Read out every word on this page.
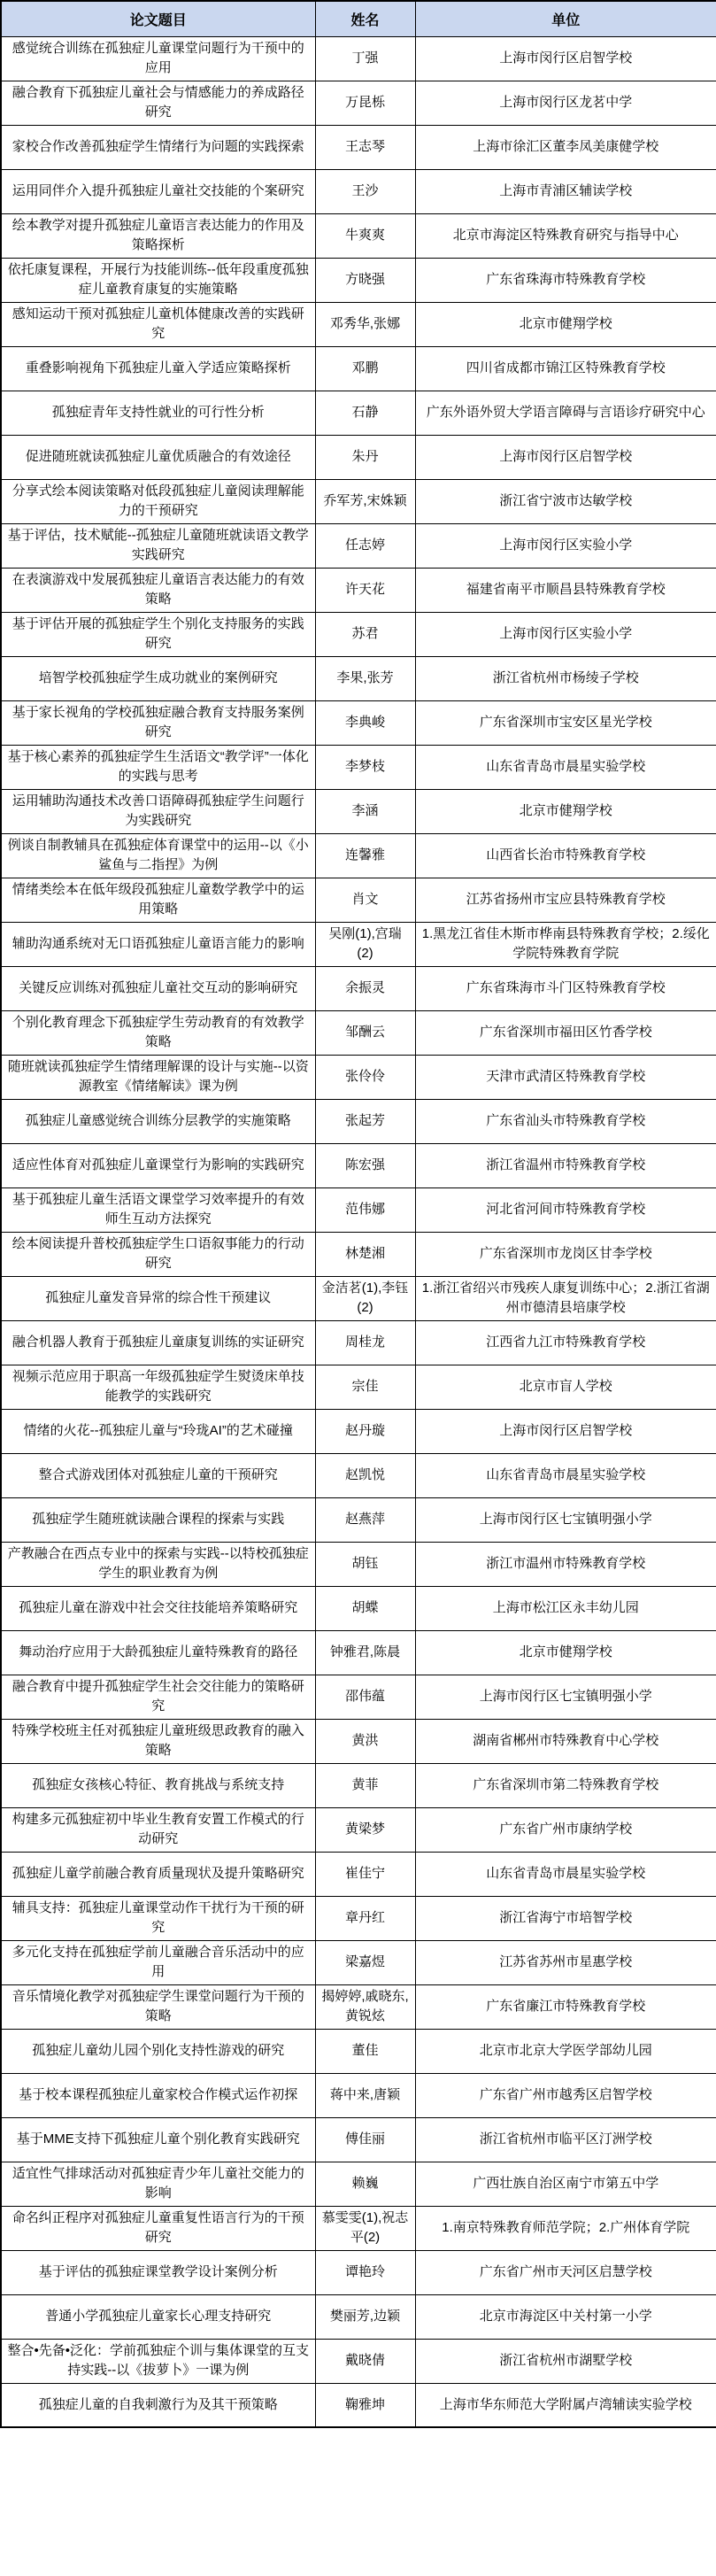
论文题目	姓名	单位
感觉统合训练在孤独症儿童课堂问题行为干预中的应用	丁强	上海市闵行区启智学校
融合教育下孤独症儿童社会与情感能力的养成路径研究	万昆栎	上海市闵行区龙茗中学
家校合作改善孤独症学生情绪行为问题的实践探索	王志琴	上海市徐汇区董李凤美康健学校
运用同伴介入提升孤独症儿童社交技能的个案研究	王沙	上海市青浦区辅读学校
绘本教学对提升孤独症儿童语言表达能力的作用及策略探析	牛爽爽	北京市海淀区特殊教育研究与指导中心
依托康复课程，开展行为技能训练--低年段重度孤独症儿童教育康复的实施策略	方晓强	广东省珠海市特殊教育学校
感知运动干预对孤独症儿童机体健康改善的实践研究	邓秀华,张娜	北京市健翔学校
重叠影响视角下孤独症儿童入学适应策略探析	邓鹏	四川省成都市锦江区特殊教育学校
孤独症青年支持性就业的可行性分析	石静	广东外语外贸大学语言障碍与言语诊疗研究中心
促进随班就读孤独症儿童优质融合的有效途径	朱丹	上海市闵行区启智学校
分享式绘本阅读策略对低段孤独症儿童阅读理解能力的干预研究	乔军芳,宋姝颖	浙江省宁波市达敏学校
基于评估，技术赋能--孤独症儿童随班就读语文教学实践研究	任志婷	上海市闵行区实验小学
在表演游戏中发展孤独症儿童语言表达能力的有效策略	许天花	福建省南平市顺昌县特殊教育学校
基于评估开展的孤独症学生个别化支持服务的实践研究	苏君	上海市闵行区实验小学
培智学校孤独症学生成功就业的案例研究	李果,张芳	浙江省杭州市杨绫子学校
基于家长视角的学校孤独症融合教育支持服务案例研究	李典峻	广东省深圳市宝安区星光学校
基于核心素养的孤独症学生生活语文“教学评”一体化的实践与思考	李梦枝	山东省青岛市晨星实验学校
运用辅助沟通技术改善口语障碍孤独症学生问题行为实践研究	李涵	北京市健翔学校
例谈自制教辅具在孤独症体育课堂中的运用--以《小鲨鱼与二指捏》为例	连馨雅	山西省长治市特殊教育学校
情绪类绘本在低年级段孤独症儿童数学教学中的运用策略	肖文	江苏省扬州市宝应县特殊教育学校
辅助沟通系统对无口语孤独症儿童语言能力的影响	吴刚(1),宫瑞(2)	1.黑龙江省佳木斯市桦南县特殊教育学校；2.绥化学院特殊教育学院
关键反应训练对孤独症儿童社交互动的影响研究	余振灵	广东省珠海市斗门区特殊教育学校
个别化教育理念下孤独症学生劳动教育的有效教学策略	邹酬云	广东省深圳市福田区竹香学校
随班就读孤独症学生情绪理解课的设计与实施--以资源教室《情绪解读》课为例	张伶伶	天津市武清区特殊教育学校
孤独症儿童感觉统合训练分层教学的实施策略	张起芳	广东省汕头市特殊教育学校
适应性体育对孤独症儿童课堂行为影响的实践研究	陈宏强	浙江省温州市特殊教育学校
基于孤独症儿童生活语文课堂学习效率提升的有效师生互动方法探究	范伟娜	河北省河间市特殊教育学校
绘本阅读提升普校孤独症学生口语叙事能力的行动研究	林楚湘	广东省深圳市龙岗区甘李学校
孤独症儿童发音异常的综合性干预建议	金洁茗(1),李钰(2)	1.浙江省绍兴市残疾人康复训练中心；2.浙江省湖州市德清县培康学校
融合机器人教育于孤独症儿童康复训练的实证研究	周桂龙	江西省九江市特殊教育学校
视频示范应用于职高一年级孤独症学生熨烫床单技能教学的实践研究	宗佳	北京市盲人学校
情绪的火花--孤独症儿童与“玲珑AI”的艺术碰撞	赵丹璇	上海市闵行区启智学校
整合式游戏团体对孤独症儿童的干预研究	赵凯悦	山东省青岛市晨星实验学校
孤独症学生随班就读融合课程的探索与实践	赵燕萍	上海市闵行区七宝镇明强小学
产教融合在西点专业中的探索与实践--以特校孤独症学生的职业教育为例	胡钰	浙江市温州市特殊教育学校
孤独症儿童在游戏中社会交往技能培养策略研究	胡蝶	上海市松江区永丰幼儿园
舞动治疗应用于大龄孤独症儿童特殊教育的路径	钟雅君,陈晨	北京市健翔学校
融合教育中提升孤独症学生社会交往能力的策略研究	邵伟蕴	上海市闵行区七宝镇明强小学
特殊学校班主任对孤独症儿童班级思政教育的融入策略	黄洪	湖南省郴州市特殊教育中心学校
孤独症女孩核心特征、教育挑战与系统支持	黄菲	广东省深圳市第二特殊教育学校
构建多元孤独症初中毕业生教育安置工作模式的行动研究	黄梁梦	广东省广州市康纳学校
孤独症儿童学前融合教育质量现状及提升策略研究	崔佳宁	山东省青岛市晨星实验学校
辅具支持：孤独症儿童课堂动作干扰行为干预的研究	章丹红	浙江省海宁市培智学校
多元化支持在孤独症学前儿童融合音乐活动中的应用	梁嘉煜	江苏省苏州市星惠学校
音乐情境化教学对孤独症学生课堂问题行为干预的策略	揭婷婷,戚晓东,黄锐炫	广东省廉江市特殊教育学校
孤独症儿童幼儿园个别化支持性游戏的研究	董佳	北京市北京大学医学部幼儿园
基于校本课程孤独症儿童家校合作模式运作初探	蒋中来,唐颖	广东省广州市越秀区启智学校
基于MME支持下孤独症儿童个别化教育实践研究	傅佳丽	浙江省杭州市临平区汀洲学校
适宜性气排球活动对孤独症青少年儿童社交能力的影响	赖巍	广西壮族自治区南宁市第五中学
命名纠正程序对孤独症儿童重复性语言行为的干预研究	慕雯雯(1),祝志平(2)	1.南京特殊教育师范学院；2.广州体育学院
基于评估的孤独症课堂教学设计案例分析	谭艳玲	广东省广州市天河区启慧学校
普通小学孤独症儿童家长心理支持研究	樊丽芳,边颖	北京市海淀区中关村第一小学
整合•先备•泛化：学前孤独症个训与集体课堂的互支持实践--以《拔萝卜》一课为例	戴晓倩	浙江省杭州市湖墅学校
孤独症儿童的自我刺激行为及其干预策略	鞠雅坤	上海市华东师范大学附属卢湾辅读实验学校
